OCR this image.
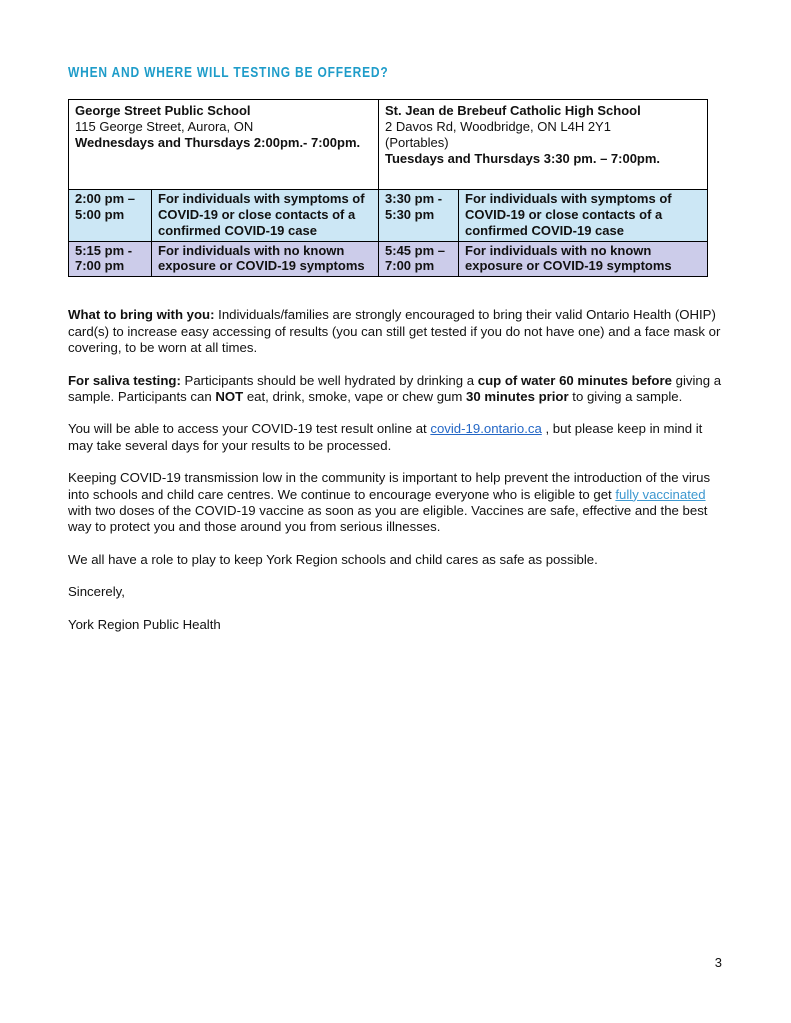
WHEN AND WHERE WILL TESTING BE OFFERED?
George Street Public School
115 George Street, Aurora, ON
Wednesdays and Thursdays 2:00pm.- 7:00pm.

St. Jean de Brebeuf Catholic High School
2 Davos Rd, Woodbridge, ON L4H 2Y1
(Portables)
Tuesdays and Thursdays 3:30 pm. – 7:00pm.

2:00 pm – 5:00 pm	For individuals with symptoms of COVID-19 or close contacts of a confirmed COVID-19 case	3:30 pm - 5:30 pm	For individuals with symptoms of COVID-19 or close contacts of a confirmed COVID-19 case
5:15 pm - 7:00 pm	For individuals with no known exposure or COVID-19 symptoms	5:45 pm – 7:00 pm	For individuals with no known exposure or COVID-19 symptoms

What to bring with you: Individuals/families are strongly encouraged to bring their valid Ontario Health (OHIP) card(s) to increase easy accessing of results (you can still get tested if you do not have one) and a face mask or covering, to be worn at all times.

For saliva testing: Participants should be well hydrated by drinking a cup of water 60 minutes before giving a sample. Participants can NOT eat, drink, smoke, vape or chew gum 30 minutes prior to giving a sample.

You will be able to access your COVID-19 test result online at covid-19.ontario.ca , but please keep in mind it may take several days for your results to be processed.

Keeping COVID-19 transmission low in the community is important to help prevent the introduction of the virus into schools and child care centres. We continue to encourage everyone who is eligible to get fully vaccinated with two doses of the COVID-19 vaccine as soon as you are eligible. Vaccines are safe, effective and the best way to protect you and those around you from serious illnesses.

We all have a role to play to keep York Region schools and child cares as safe as possible.

Sincerely,

York Region Public Health

3
